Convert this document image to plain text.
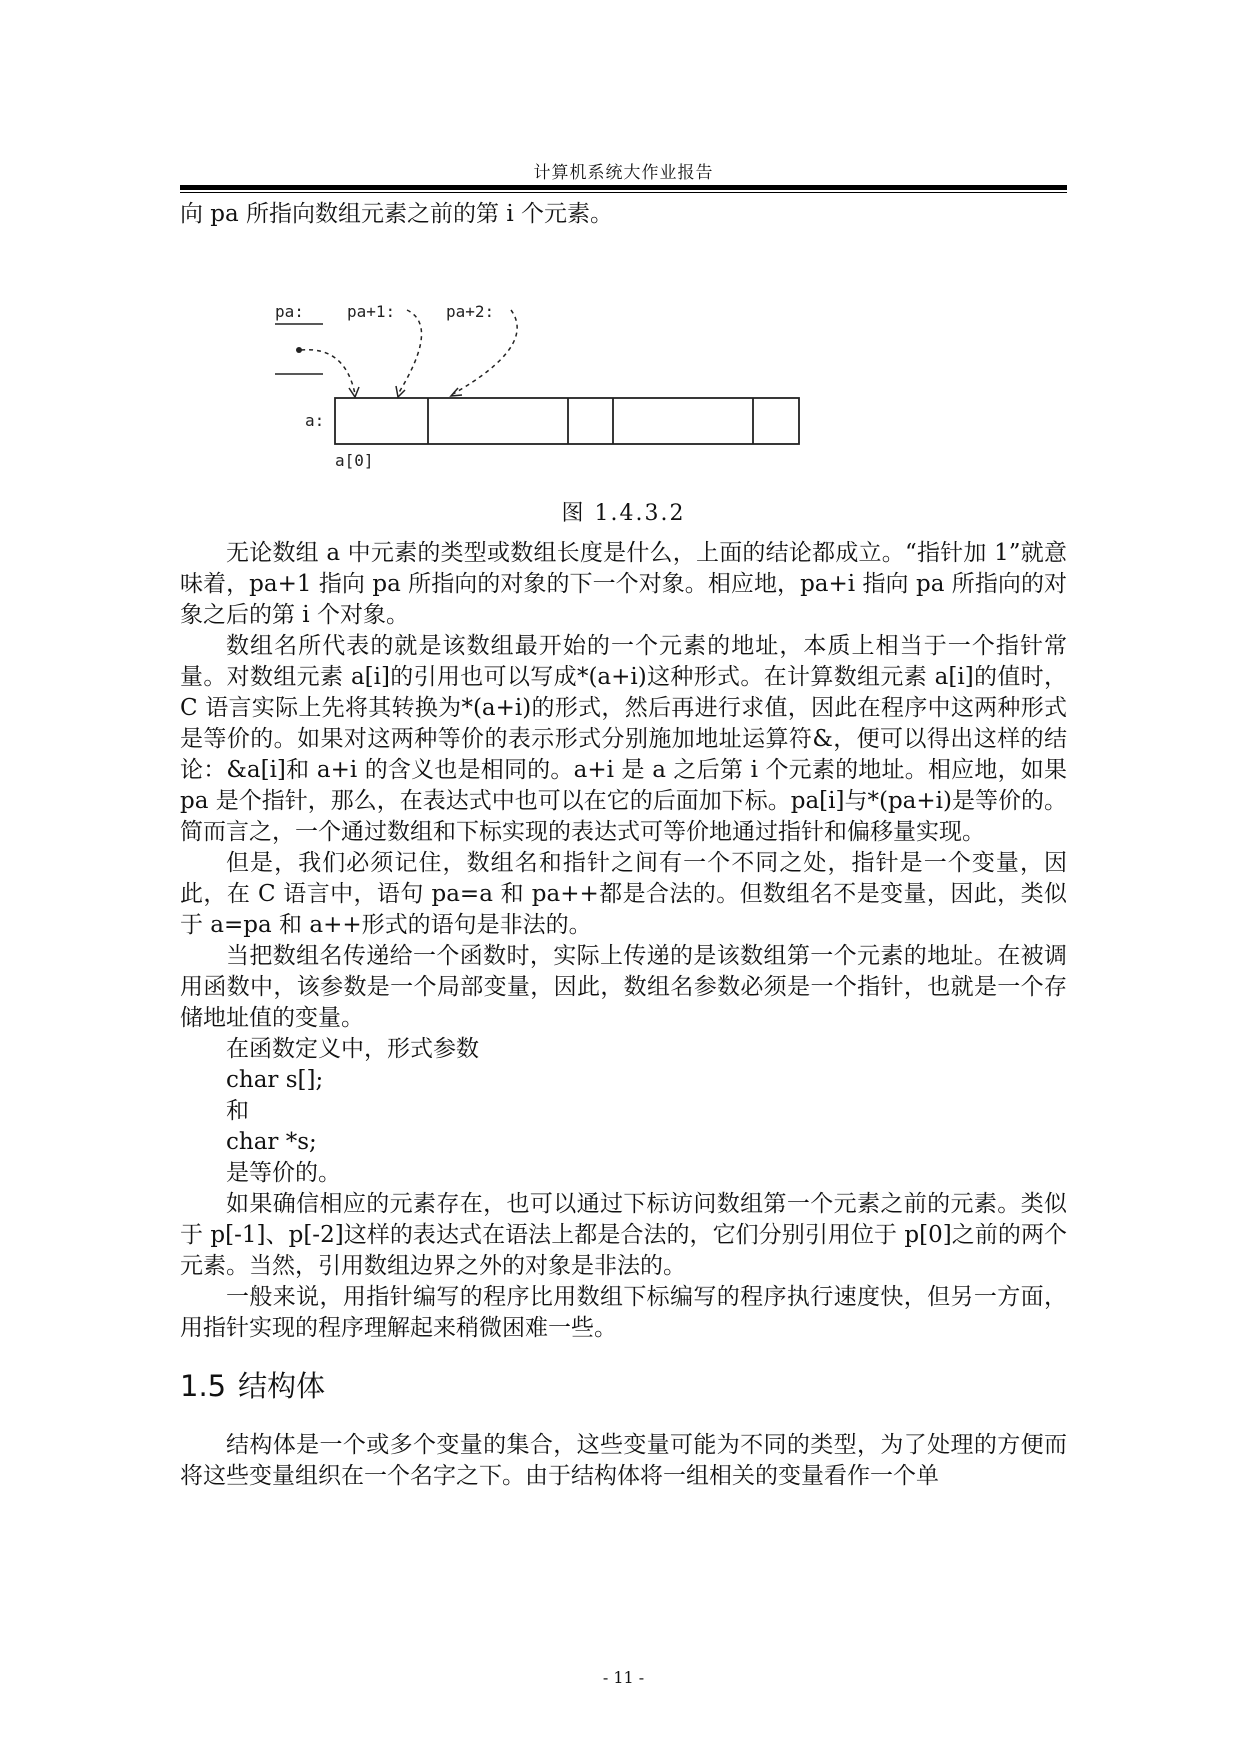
计算机系统大作业报告

向 pa 所指向数组元素之前的第 i 个元素。

pa:	pa+1:	pa+2:
a:
a[0]

图 1.4.3.2

无论数组 a 中元素的类型或数组长度是什么，上面的结论都成立。“指针加 1”就意味着，pa+1 指向 pa 所指向的对象的下一个对象。相应地，pa+i 指向 pa 所指向的对象之后的第 i 个对象。

数组名所代表的就是该数组最开始的一个元素的地址，本质上相当于一个指针常量。对数组元素 a[i]的引用也可以写成*(a+i)这种形式。在计算数组元素 a[i]的值时，C 语言实际上先将其转换为*(a+i)的形式，然后再进行求值，因此在程序中这两种形式是等价的。如果对这两种等价的表示形式分别施加地址运算符&，便可以得出这样的结论：&a[i]和 a+i 的含义也是相同的。a+i 是 a 之后第 i 个元素的地址。相应地，如果 pa 是个指针，那么，在表达式中也可以在它的后面加下标。pa[i]与*(pa+i)是等价的。简而言之，一个通过数组和下标实现的表达式可等价地通过指针和偏移量实现。

但是，我们必须记住，数组名和指针之间有一个不同之处，指针是一个变量，因此，在 C 语言中，语句 pa=a 和 pa++都是合法的。但数组名不是变量，因此，类似于 a=pa 和 a++形式的语句是非法的。

当把数组名传递给一个函数时，实际上传递的是该数组第一个元素的地址。在被调用函数中，该参数是一个局部变量，因此，数组名参数必须是一个指针，也就是一个存储地址值的变量。

在函数定义中，形式参数

char s[];

和

char *s;

是等价的。

如果确信相应的元素存在，也可以通过下标访问数组第一个元素之前的元素。类似于 p[-1]、p[-2]这样的表达式在语法上都是合法的，它们分别引用位于 p[0]之前的两个元素。当然，引用数组边界之外的对象是非法的。

一般来说，用指针编写的程序比用数组下标编写的程序执行速度快，但另一方面，用指针实现的程序理解起来稍微困难一些。

1.5 结构体

结构体是一个或多个变量的集合，这些变量可能为不同的类型，为了处理的方便而将这些变量组织在一个名字之下。由于结构体将一组相关的变量看作一个单

- 11 -
